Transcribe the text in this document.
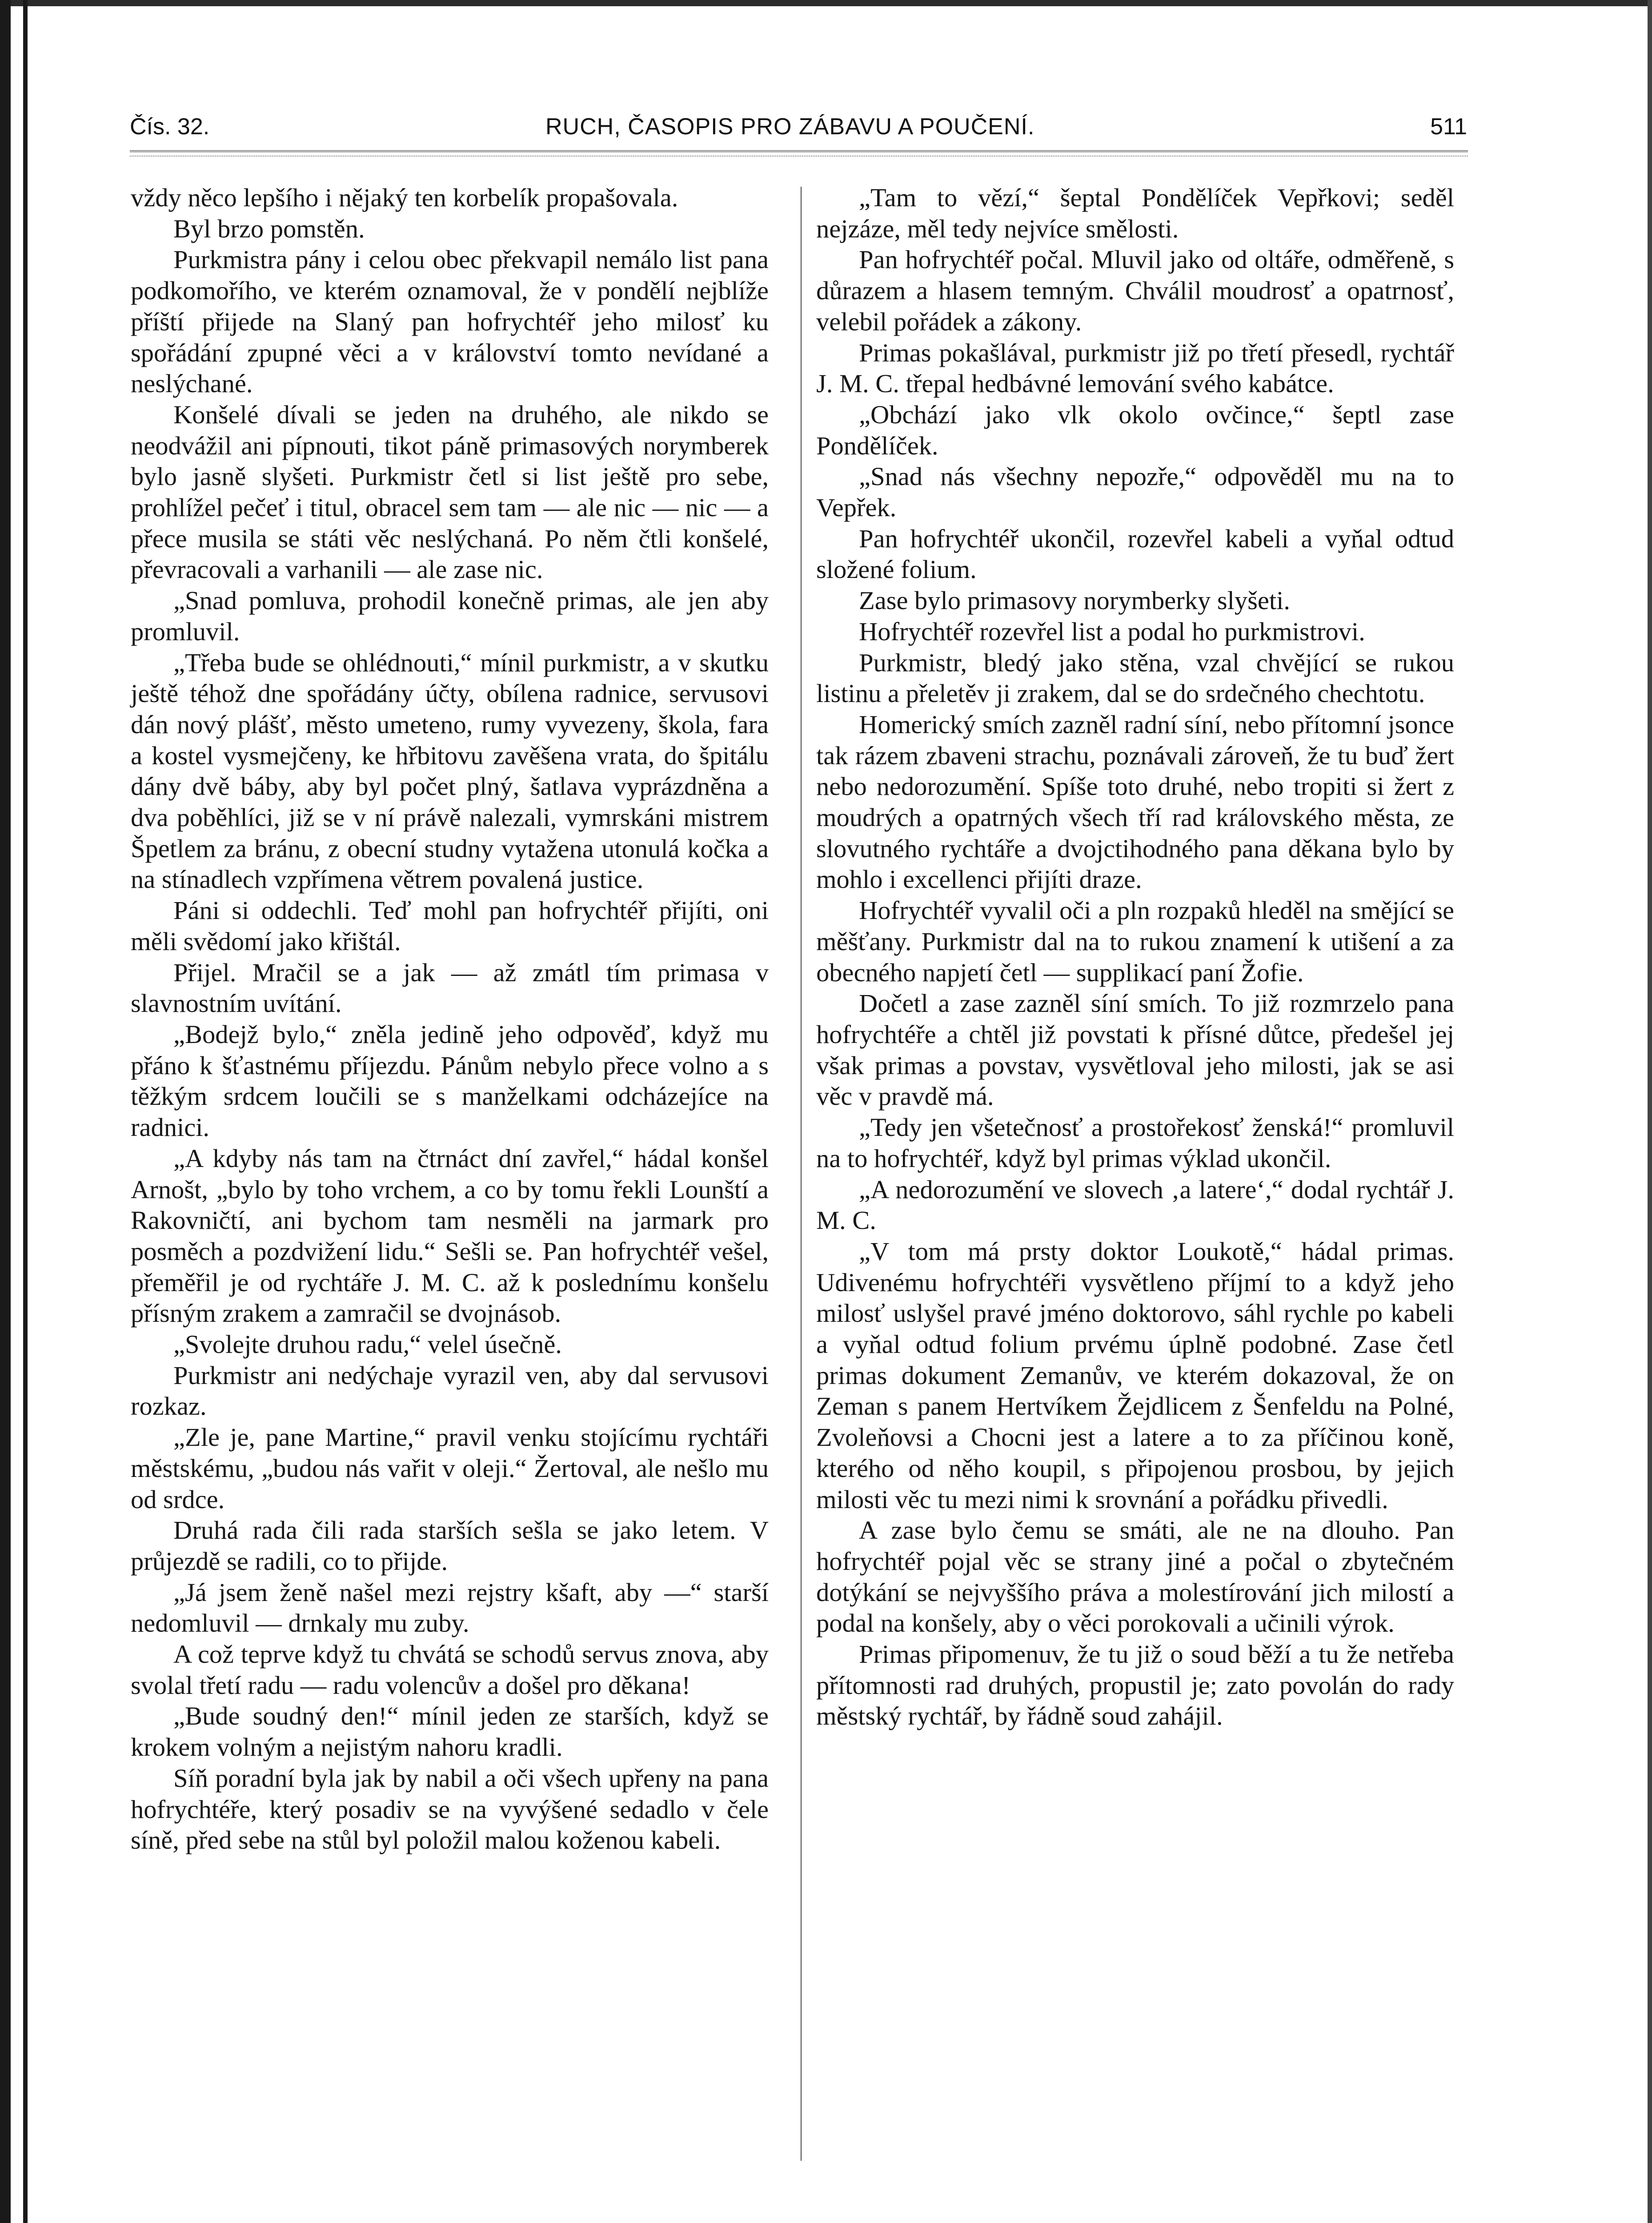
Čís. 32.	RUCH, ČASOPIS PRO ZÁBAVU A POUČENÍ.	511

vždy něco lepšího i nějaký ten korbelík propašovala.

Byl brzo pomstěn.

Purkmistra pány i celou obec překvapil nemálo list pana podkomořího, ve kterém oznamoval, že v pondělí nejblíže příští přijede na Slaný pan hofrychtéř jeho milosť ku spořádání zpupné věci a v království tomto nevídané a neslýchané.

Konšelé dívali se jeden na druhého, ale nikdo se neodvážil ani pípnouti, tikot páně primasových norymberek bylo jasně slyšeti. Purkmistr četl si list ještě pro sebe, prohlížel pečeť i titul, obracel sem tam — ale nic — nic — a přece musila se státi věc neslýchaná. Po něm čtli konšelé, převracovali a varhanili — ale zase nic.

„Snad pomluva, prohodil konečně primas, ale jen aby promluvil.

„Třeba bude se ohlédnouti,“ mínil purkmistr, a v skutku ještě téhož dne spořádány účty, obílena radnice, servusovi dán nový plášť, město umeteno, rumy vyvezeny, škola, fara a kostel vysmejčeny, ke hřbitovu zavěšena vrata, do špitálu dány dvě báby, aby byl počet plný, šatlava vyprázdněna a dva poběhlíci, již se v ní právě nalezali, vymrskáni mistrem Špetlem za bránu, z obecní studny vytažena utonulá kočka a na stínadlech vzpřímena větrem povalená justice.

Páni si oddechli. Teď mohl pan hofrychtéř přijíti, oni měli svědomí jako křištál.

Přijel. Mračil se a jak — až zmátl tím primasa v slavnostním uvítání.

„Bodejž bylo,“ zněla jedině jeho odpověď, když mu přáno k šťastnému příjezdu. Pánům nebylo přece volno a s těžkým srdcem loučili se s manželkami odcházejíce na radnici.

„A kdyby nás tam na čtrnáct dní zavřel,“ hádal konšel Arnošt, „bylo by toho vrchem, a co by tomu řekli Lounští a Rakovničtí, ani bychom tam nesměli na jarmark pro posměch a pozdvižení lidu.“ Sešli se. Pan hofrychtéř vešel, přeměřil je od rychtáře J. M. C. až k poslednímu konšelu přísným zrakem a zamračil se dvojnásob.

„Svolejte druhou radu,“ velel úsečně.

Purkmistr ani nedýchaje vyrazil ven, aby dal servusovi rozkaz.

„Zle je, pane Martine,“ pravil venku stojícímu rychtáři městskému, „budou nás vařit v oleji.“ Žertoval, ale nešlo mu od srdce.

Druhá rada čili rada starších sešla se jako letem. V průjezdě se radili, co to přijde.

„Já jsem ženě našel mezi rejstry kšaft, aby —“ starší nedomluvil — drnkaly mu zuby.

A což teprve když tu chvátá se schodů servus znova, aby svolal třetí radu — radu volencův a došel pro děkana!

„Bude soudný den!“ mínil jeden ze starších, když se krokem volným a nejistým nahoru kradli.

Síň poradní byla jak by nabil a oči všech upřeny na pana hofrychtéře, který posadiv se na vyvýšené sedadlo v čele síně, před sebe na stůl byl položil malou koženou kabeli.

„Tam to vězí,“ šeptal Pondělíček Vepřkovi; seděl nejzáze, měl tedy nejvíce smělosti.

Pan hofrychtéř počal. Mluvil jako od oltáře, odměřeně, s důrazem a hlasem temným. Chválil moudrosť a opatrnosť, velebil pořádek a zákony.

Primas pokašlával, purkmistr již po třetí přesedl, rychtář J. M. C. třepal hedbávné lemování svého kabátce.

„Obchází jako vlk okolo ovčince,“ šeptl zase Pondělíček.

„Snad nás všechny nepozře,“ odpověděl mu na to Vepřek.

Pan hofrychtéř ukončil, rozevřel kabeli a vyňal odtud složené folium.

Zase bylo primasovy norymberky slyšeti.

Hofrychtéř rozevřel list a podal ho purkmistrovi.

Purkmistr, bledý jako stěna, vzal chvějící se rukou listinu a přeletěv ji zrakem, dal se do srdečného chechtotu.

Homerický smích zazněl radní síní, nebo přítomní jsonce tak rázem zbaveni strachu, poznávali zároveň, že tu buď žert nebo nedorozumění. Spíše toto druhé, nebo tropiti si žert z moudrých a opatrných všech tří rad královského města, ze slovutného rychtáře a dvojctihodného pana děkana bylo by mohlo i excellenci přijíti draze.

Hofrychtéř vyvalil oči a pln rozpaků hleděl na smějící se měšťany. Purkmistr dal na to rukou znamení k utišení a za obecného napjetí četl — supplikací paní Žofie.

Dočetl a zase zazněl síní smích. To již rozmrzelo pana hofrychtéře a chtěl již povstati k přísné důtce, předešel jej však primas a povstav, vysvětloval jeho milosti, jak se asi věc v pravdě má.

„Tedy jen všetečnosť a prostořekosť ženská!“ promluvil na to hofrychtéř, když byl primas výklad ukončil.

„A nedorozumění ve slovech ‚a latere‘,“ dodal rychtář J. M. C.

„V tom má prsty doktor Loukotě,“ hádal primas. Udivenému hofrychtéři vysvětleno příjmí to a když jeho milosť uslyšel pravé jméno doktorovo, sáhl rychle po kabeli a vyňal odtud folium prvému úplně podobné. Zase četl primas dokument Zemanův, ve kterém dokazoval, že on Zeman s panem Hertvíkem Žejdlicem z Šenfeldu na Polné, Zvoleňovsi a Chocni jest a latere a to za příčinou koně, kterého od něho koupil, s připojenou prosbou, by jejich milosti věc tu mezi nimi k srovnání a pořádku přivedli.

A zase bylo čemu se smáti, ale ne na dlouho. Pan hofrychtéř pojal věc se strany jiné a počal o zbytečném dotýkání se nejvyššího práva a molestírování jich milostí a podal na konšely, aby o věci porokovali a učinili výrok.

Primas připomenuv, že tu již o soud běží a tu že netřeba přítomnosti rad druhých, propustil je; zato povolán do rady městský rychtář, by řádně soud zahájil.
